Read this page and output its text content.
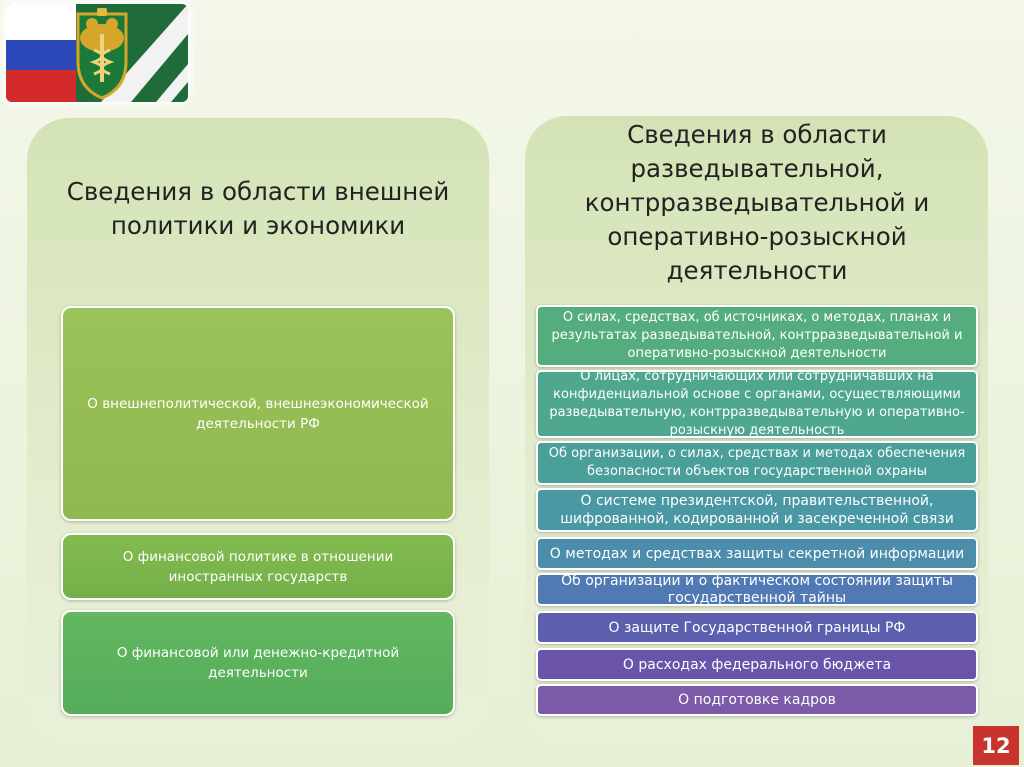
Сведения в области внешней политики и экономики
Сведения в области разведывательной, контрразведывательной и оперативно-розыскной деятельности
О внешнеполитической, внешнеэкономической деятельности РФ
О финансовой политике в отношении иностранных государств
О финансовой или денежно-кредитной деятельности
О силах, средствах, об источниках, о методах, планах и результатах разведывательной, контрразведывательной и оперативно-розыскной деятельности
О лицах, сотрудничающих или сотрудничавших на конфиденциальной основе с органами, осуществляющими разведывательную, контрразведывательную и оперативно-розыскную деятельность
Об организации, о силах, средствах и методах обеспечения безопасности объектов государственной охраны
О системе президентской, правительственной, шифрованной, кодированной и засекреченной связи
О методах и средствах защиты секретной информации
Об организации и о фактическом состоянии защиты государственной тайны
О защите Государственной границы РФ
О расходах федерального бюджета
О подготовке кадров
12
